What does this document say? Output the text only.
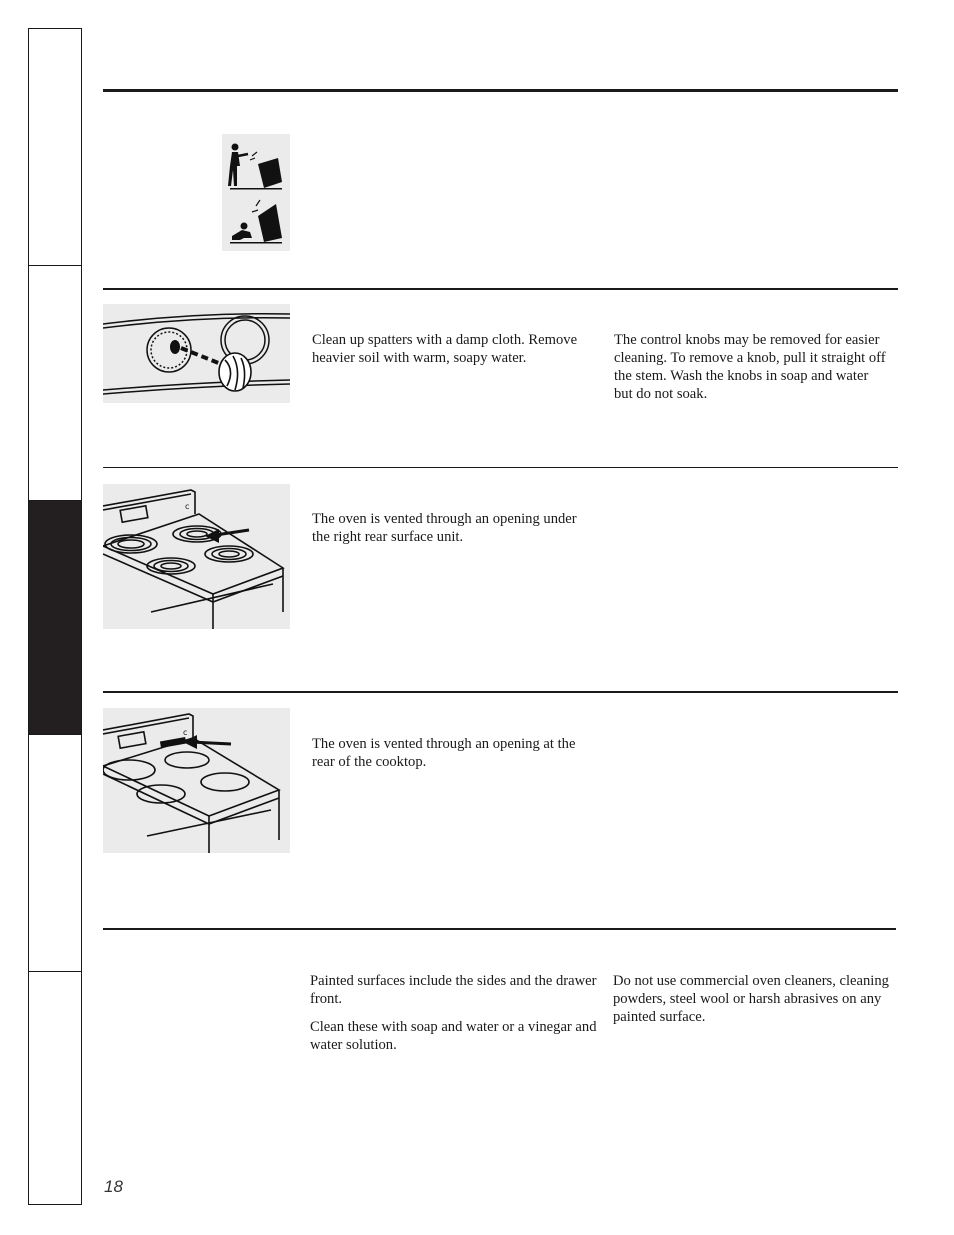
Clean up spatters with a damp cloth. Remove heavier soil with warm, soapy water.
The control knobs may be removed for easier cleaning. To remove a knob, pull it straight off the stem. Wash the knobs in soap and water but do not soak.
c
The oven is vented through an opening under the right rear surface unit.
c
The oven is vented through an opening at the rear of the cooktop.

Painted surfaces include the sides and the drawer front.

Clean these with soap and water or a vinegar and water solution.

Do not use commercial oven cleaners, cleaning powders, steel wool or harsh abrasives on any painted surface.
18
